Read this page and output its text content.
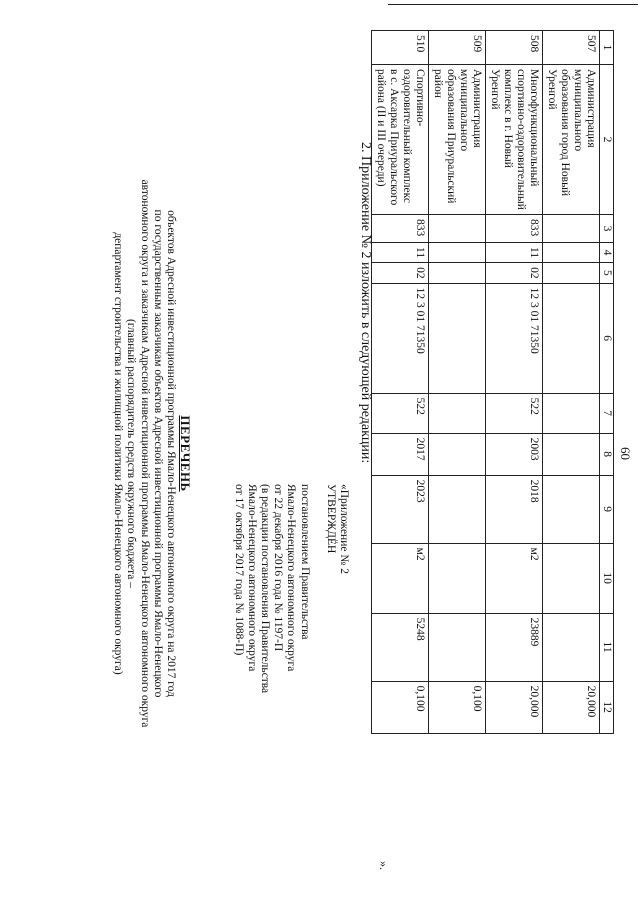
60
1	2	3	4	5	6	7	8	9	10	11	12
507	Администрация муниципального образования город Новый Уренгой										20,000
508	Многофункциональный спортивно-оздоровительный комплекс в г. Новый Уренгой	833	11	02	12 3 01 71350	522	2003	2018	м2	23889	20,000
509	Администрация муниципального образования Приуральский район										0,100
510	Спортивно-оздоровительный комплекс в с. Аксарка Приуральского района (II и III очереди)	833	11	02	12 3 01 71350	522	2017	2023	м2	5248	0,100
».
2. Приложение № 2 изложить в следующей редакции:
«Приложение № 2
УТВЕРЖДЁН
постановлением Правительства
Ямало-Ненецкого автономного округа
от 22 декабря 2016 года № 1197-П
(в редакции постановления Правительства
Ямало-Ненецкого автономного округа
от 17 октября 2017 года № 1088-П)
ПЕРЕЧЕНЬ
объектов Адресной инвестиционной программы Ямало-Ненецкого автономного округа на 2017 год
по государственным заказчикам объектов Адресной инвестиционной программы Ямало-Ненецкого
автономного округа и заказчикам Адресной инвестиционной программы Ямало-Ненецкого автономного округа
(главный распорядитель средств окружного бюджета –
департамент строительства и жилищной политики Ямало-Ненецкого автономного округа)
